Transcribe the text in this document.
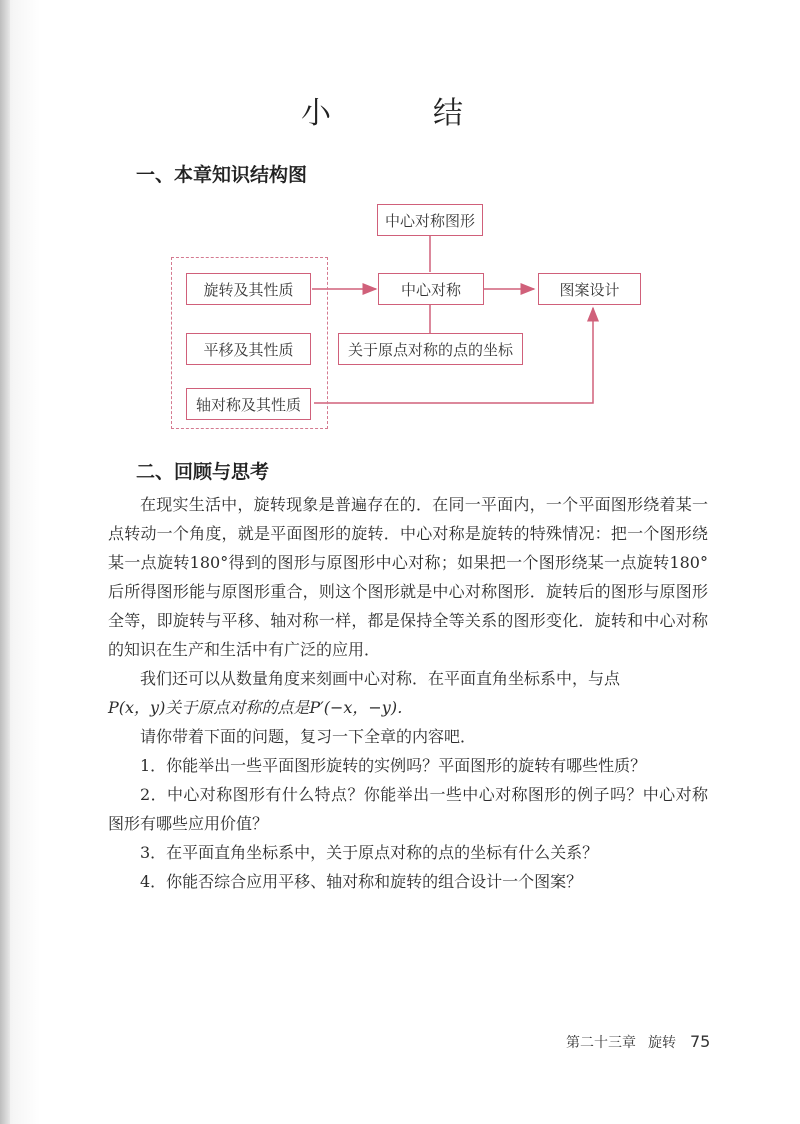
小　结
一、本章知识结构图
中心对称图形
旋转及其性质	中心对称	图案设计
平移及其性质	关于原点对称的点的坐标
轴对称及其性质
二、回顾与思考

在现实生活中，旋转现象是普遍存在的．在同一平面内，一个平面图形绕着某一点转动一个角度，就是平面图形的旋转．中心对称是旋转的特殊情况：把一个图形绕某一点旋转180°得到的图形与原图形中心对称；如果把一个图形绕某一点旋转180°后所得图形能与原图形重合，则这个图形就是中心对称图形．旋转后的图形与原图形全等，即旋转与平移、轴对称一样，都是保持全等关系的图形变化．旋转和中心对称的知识在生产和生活中有广泛的应用．

我们还可以从数量角度来刻画中心对称．在平面直角坐标系中，与点

P(x，y)关于原点对称的点是P′(−x，−y)．

请你带着下面的问题，复习一下全章的内容吧．

1．你能举出一些平面图形旋转的实例吗？平面图形的旋转有哪些性质？

2．中心对称图形有什么特点？你能举出一些中心对称图形的例子吗？中心对称图形有哪些应用价值？

3．在平面直角坐标系中，关于原点对称的点的坐标有什么关系？

4．你能否综合应用平移、轴对称和旋转的组合设计一个图案？

第二十三章 旋转 75
